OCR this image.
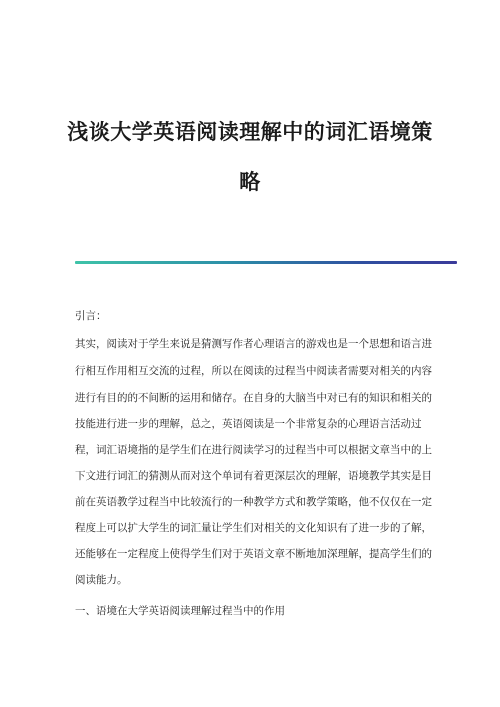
浅谈大学英语阅读理解中的词汇语境策
略
引言：
其实，阅读对于学生来说是猜测写作者心理语言的游戏也是一个思想和语言进
行相互作用相互交流的过程，所以在阅读的过程当中阅读者需要对相关的内容
进行有目的的不间断的运用和储存。在自身的大脑当中对已有的知识和相关的
技能进行进一步的理解，总之，英语阅读是一个非常复杂的心理语言活动过
程，词汇语境指的是学生们在进行阅读学习的过程当中可以根据文章当中的上
下文进行词汇的猜测从而对这个单词有着更深层次的理解，语境教学其实是目
前在英语教学过程当中比较流行的一种教学方式和教学策略，他不仅仅在一定
程度上可以扩大学生的词汇量让学生们对相关的文化知识有了进一步的了解，
还能够在一定程度上使得学生们对于英语文章不断地加深理解，提高学生们的
阅读能力。
一、语境在大学英语阅读理解过程当中的作用
